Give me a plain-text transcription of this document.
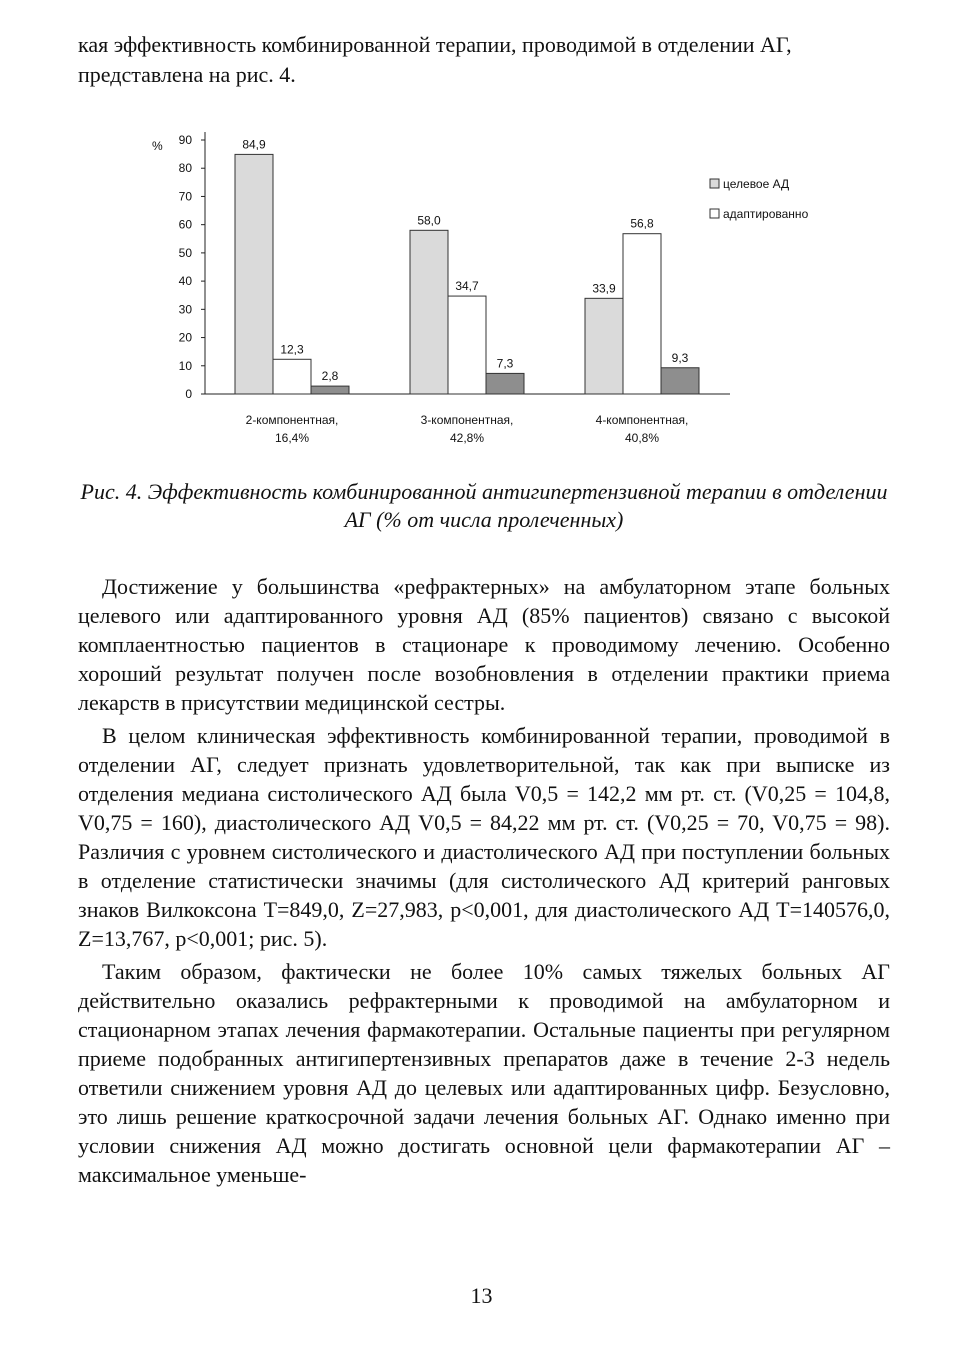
кая эффективность комбинированной терапии, проводимой в отделении АГ, представлена на рис. 4.
0
10
20
30
40
50
60
70
80
90
%	84,9
12,3
2,8
2-компонентная,
16,4%
58,0
34,7
7,3
3-компонентная,
42,8%
33,9
56,8
9,3
4-компонентная,
40,8%
целевое АД
адаптированно
Рис. 4. Эффективность комбинированной антигипертензивной терапии в отделении АГ (% от числа пролеченных)

Достижение у большинства «рефрактерных» на амбулаторном этапе больных целевого или адаптированного уровня АД (85% пациентов) связано с высокой комплаентностью пациентов в стационаре к проводимому лечению. Особенно хороший результат получен после возобновления в отделении практики приема лекарств в присутствии медицинской сестры.

В целом клиническая эффективность комбинированной терапии, проводимой в отделении АГ, следует признать удовлетворительной, так как при выписке из отделения медиана систолического АД была V0,5 = 142,2 мм рт. ст. (V0,25 = 104,8, V0,75 = 160), диастолического АД V0,5 = 84,22 мм рт. ст. (V0,25 = 70, V0,75 = 98). Различия с уровнем систолического и диастолического АД при поступлении больных в отделение статистически значимы (для систолического АД критерий ранговых знаков Вилкоксона Т=849,0, Z=27,983, р<0,001, для диастолического АД Т=140576,0, Z=13,767, р<0,001; рис. 5).

Таким образом, фактически не более 10% самых тяжелых больных АГ действительно оказались рефрактерными к проводимой на амбулаторном и стационарном этапах лечения фармакотерапии. Остальные пациенты при регулярном приеме подобранных антигипертензивных препаратов даже в течение 2-3 недель ответили снижением уровня АД до целевых или адаптированных цифр. Безусловно, это лишь решение краткосрочной задачи лечения больных АГ. Однако именно при условии снижения АД можно достигать основной цели фармакотерапии АГ – максимальное уменьше-

13
